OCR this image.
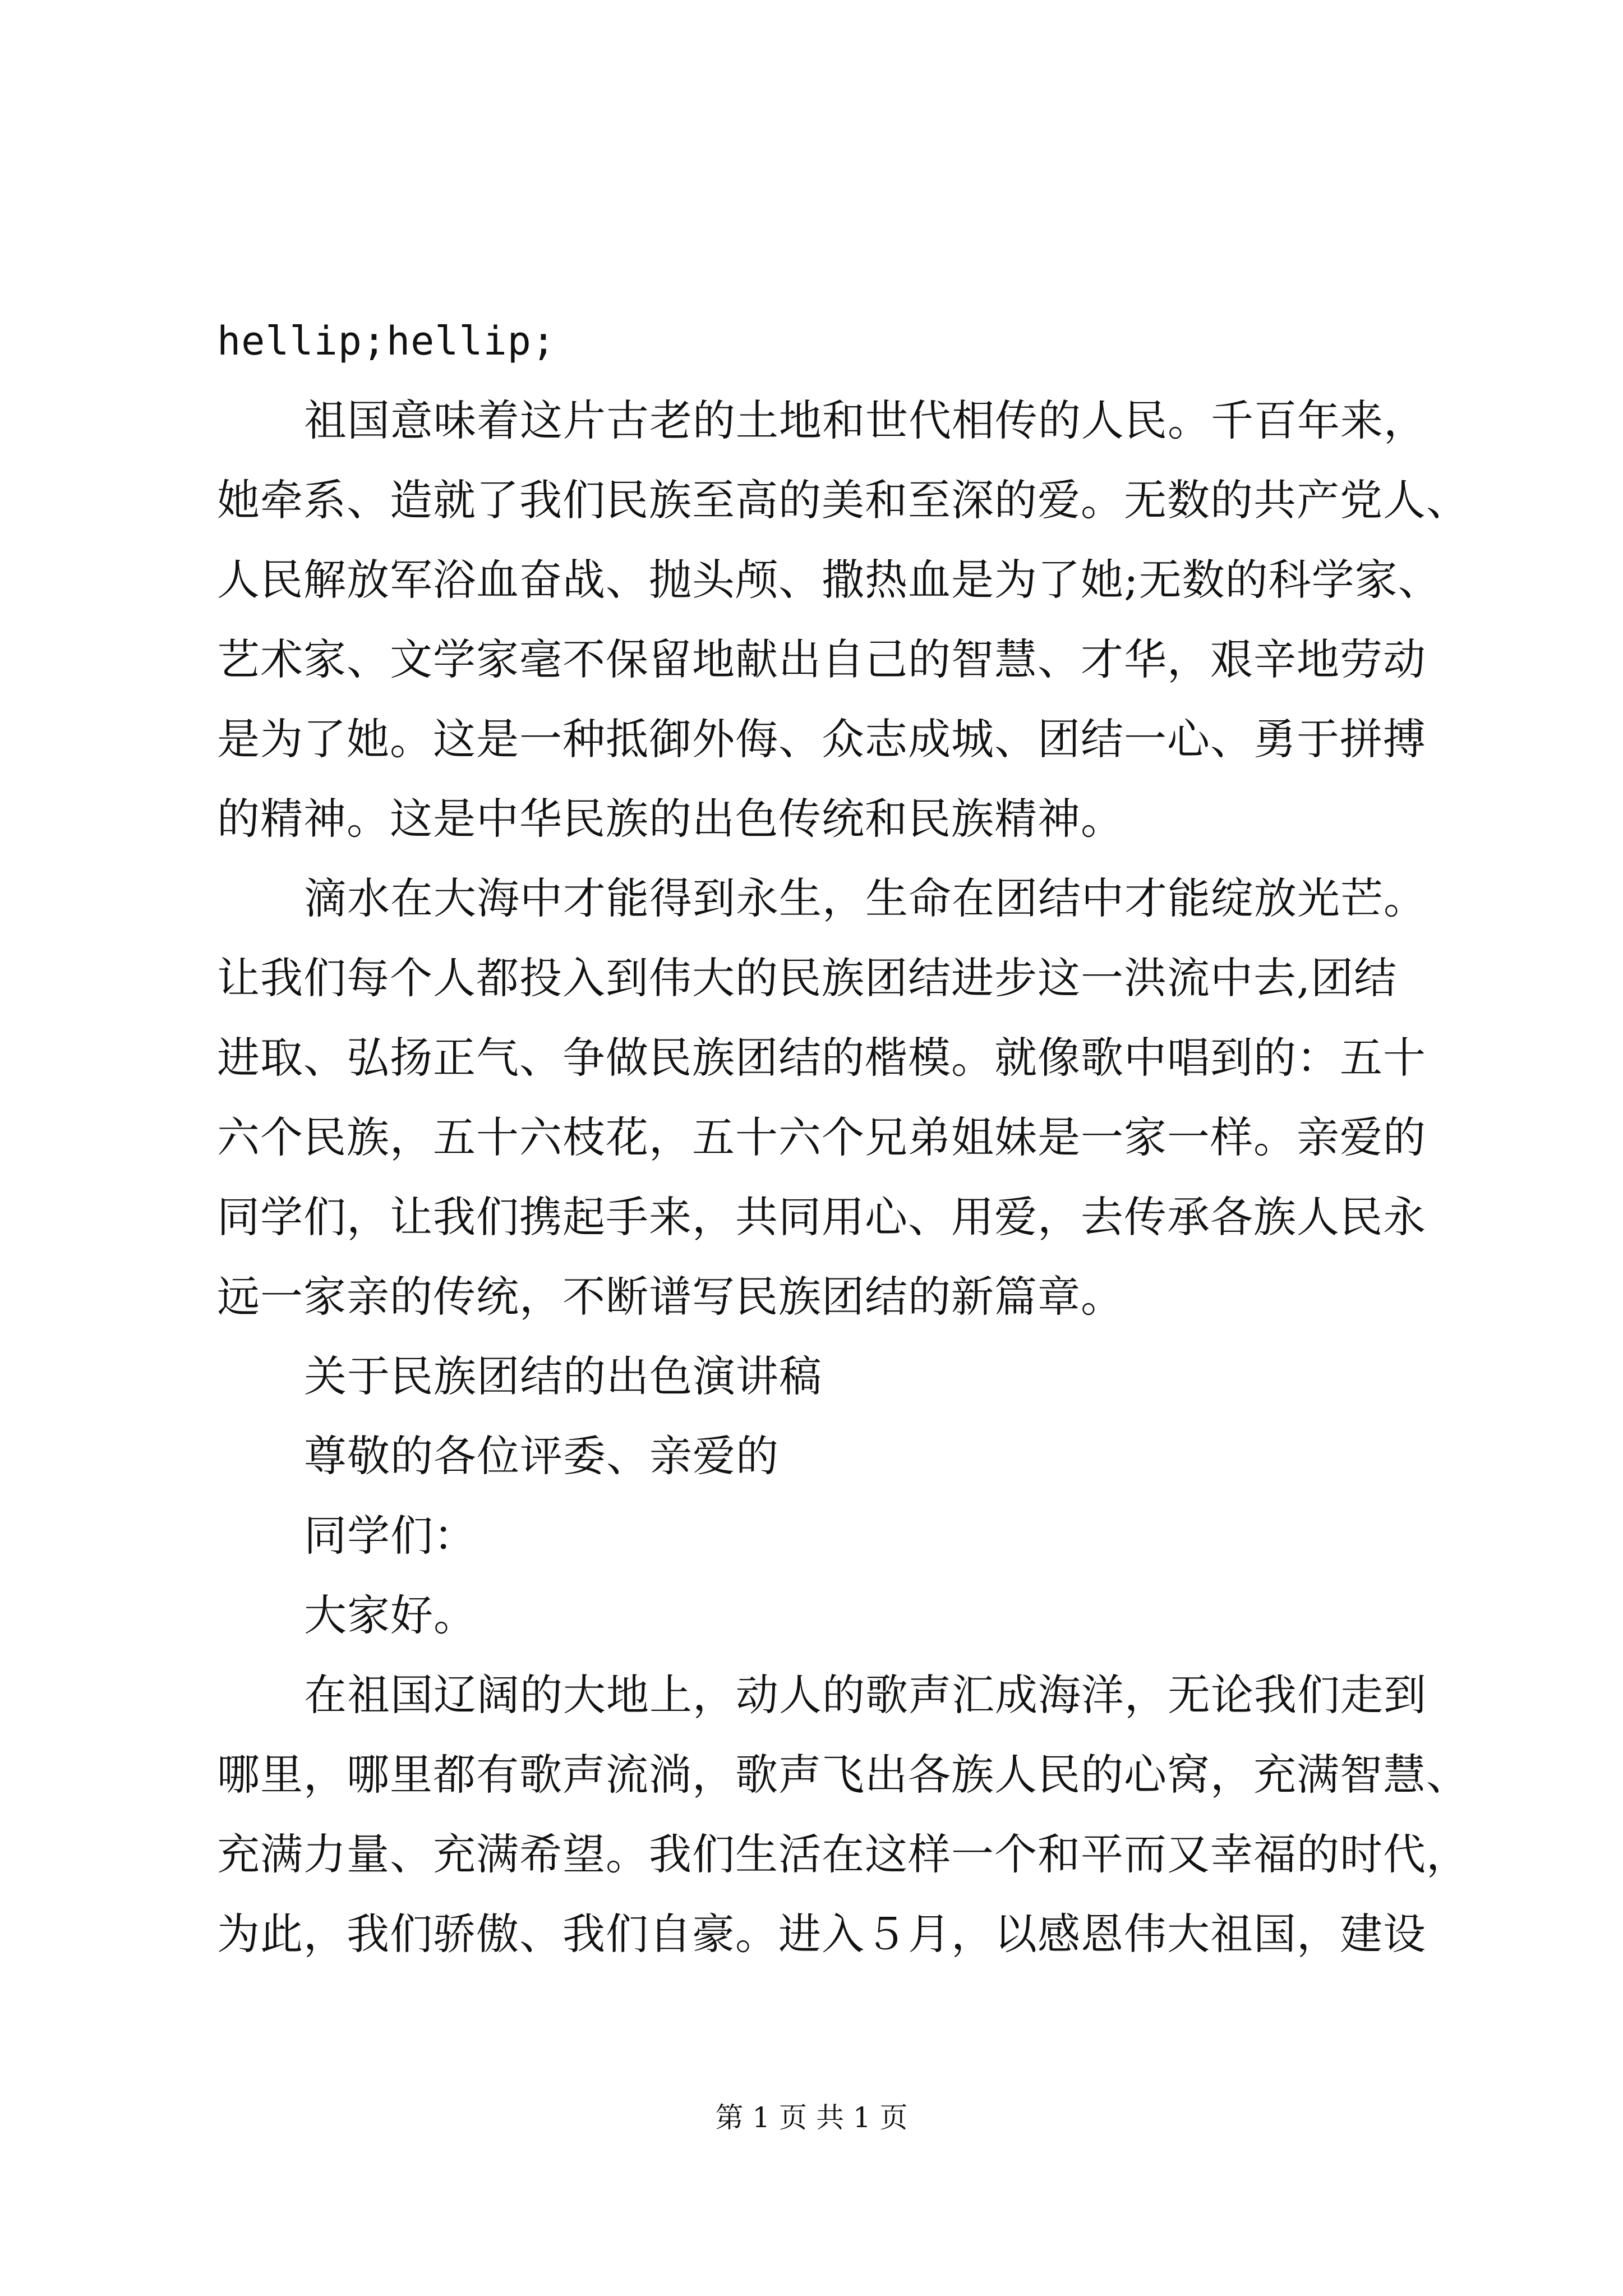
hellip;hellip;
祖国意味着这片古老的土地和世代相传的人民。千百年来，
她牵系、造就了我们民族至高的美和至深的爱。无数的共产党人、
人民解放军浴血奋战、抛头颅、撒热血是为了她;无数的科学家、
艺术家、文学家毫不保留地献出自己的智慧、才华，艰辛地劳动
是为了她。这是一种抵御外侮、众志成城、团结一心、勇于拼搏
的精神。这是中华民族的出色传统和民族精神。
滴水在大海中才能得到永生，生命在团结中才能绽放光芒。
让我们每个人都投入到伟大的民族团结进步这一洪流中去,团结
进取、弘扬正气、争做民族团结的楷模。就像歌中唱到的：五十
六个民族，五十六枝花，五十六个兄弟姐妹是一家一样。亲爱的
同学们，让我们携起手来，共同用心、用爱，去传承各族人民永
远一家亲的传统，不断谱写民族团结的新篇章。
关于民族团结的出色演讲稿
尊敬的各位评委、亲爱的
同学们：
大家好。
在祖国辽阔的大地上，动人的歌声汇成海洋，无论我们走到
哪里，哪里都有歌声流淌，歌声飞出各族人民的心窝，充满智慧、
充满力量、充满希望。我们生活在这样一个和平而又幸福的时代，
为此，我们骄傲、我们自豪。进入５月，以感恩伟大祖国，建设
第 1 页 共 1 页
